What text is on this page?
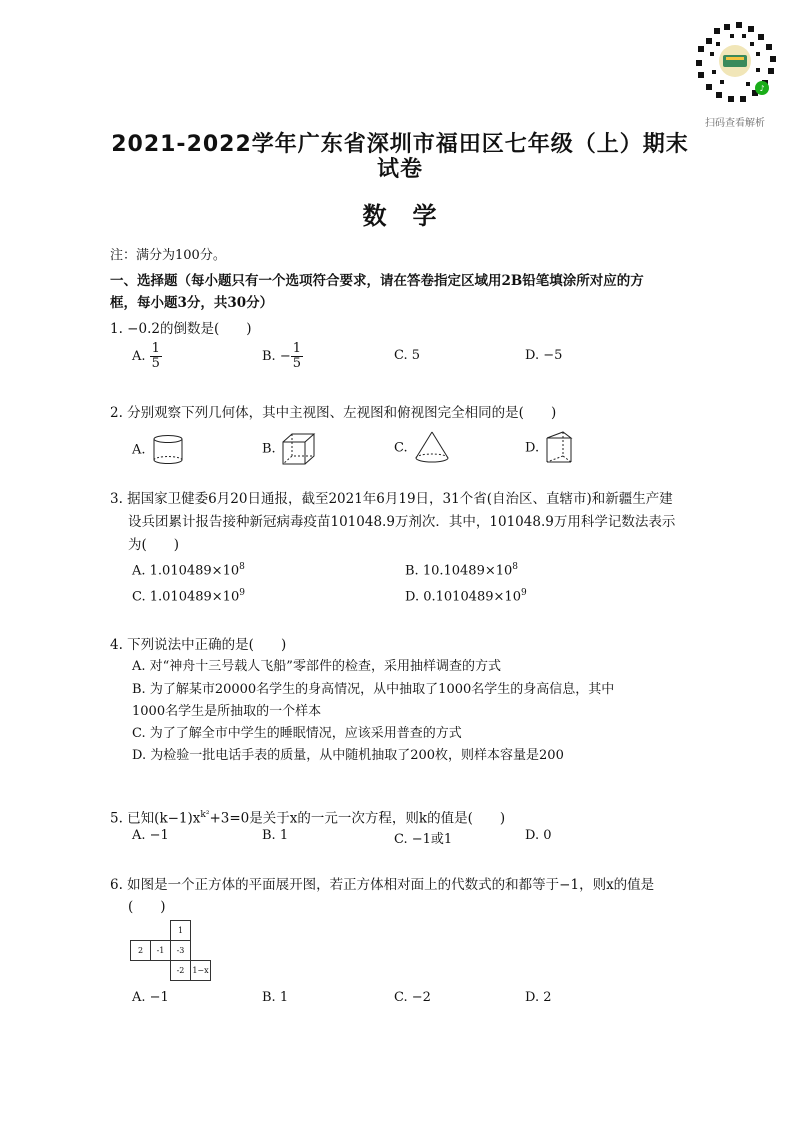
♪
扫码查看解析
2021-2022学年广东省深圳市福田区七年级（上）期末
试卷
数　学
注：满分为100分。
一、选择题（每小题只有一个选项符合要求，请在答卷指定区域用2B铅笔填涂所对应的方
框，每小题3分，共30分）
1. −0.2的倒数是(　　)
A. $\frac{1}{5}$	B. − $\frac{1}{5}$	C. 5	D. −5
2. 分别观察下列几何体，其中主视图、左视图和俯视图完全相同的是(　　)
A.	B.	C.	D.
3. 据国家卫健委6月20日通报，截至2021年6月19日，31个省(自治区、直辖市)和新疆生产建
设兵团累计报告接种新冠病毒疫苗101048.9万剂次．其中，101048.9万用科学记数法表示
为(　　)
A. $1.010489\times 10^8$	B. $10.10489\times 10^8$
C. $1.010489\times 10^9$	D. $0.1010489\times 10^9$
4. 下列说法中正确的是(　　)
A. 对“神舟十三号载人飞船”零部件的检查，采用抽样调查的方式
B. 为了解某市20000名学生的身高情况，从中抽取了1000名学生的身高信息，其中
1000名学生是所抽取的一个样本
C. 为了了解全市中学生的睡眠情况，应该采用普查的方式
D. 为检验一批电话手表的质量，从中随机抽取了200枚，则样本容量是200
5. 已知$(k-1)x^{k^2}+3=0$是关于x的一元一次方程，则k的值是(　　)
A. −1	B. 1	C. −1或1	D. 0
6. 如图是一个正方体的平面展开图，若正方体相对面上的代数式的和都等于−1，则x的值是
(　　)
		1	
2	-1	-3	
		-2	1−x
A. −1	B. 1	C. −2	D. 2
